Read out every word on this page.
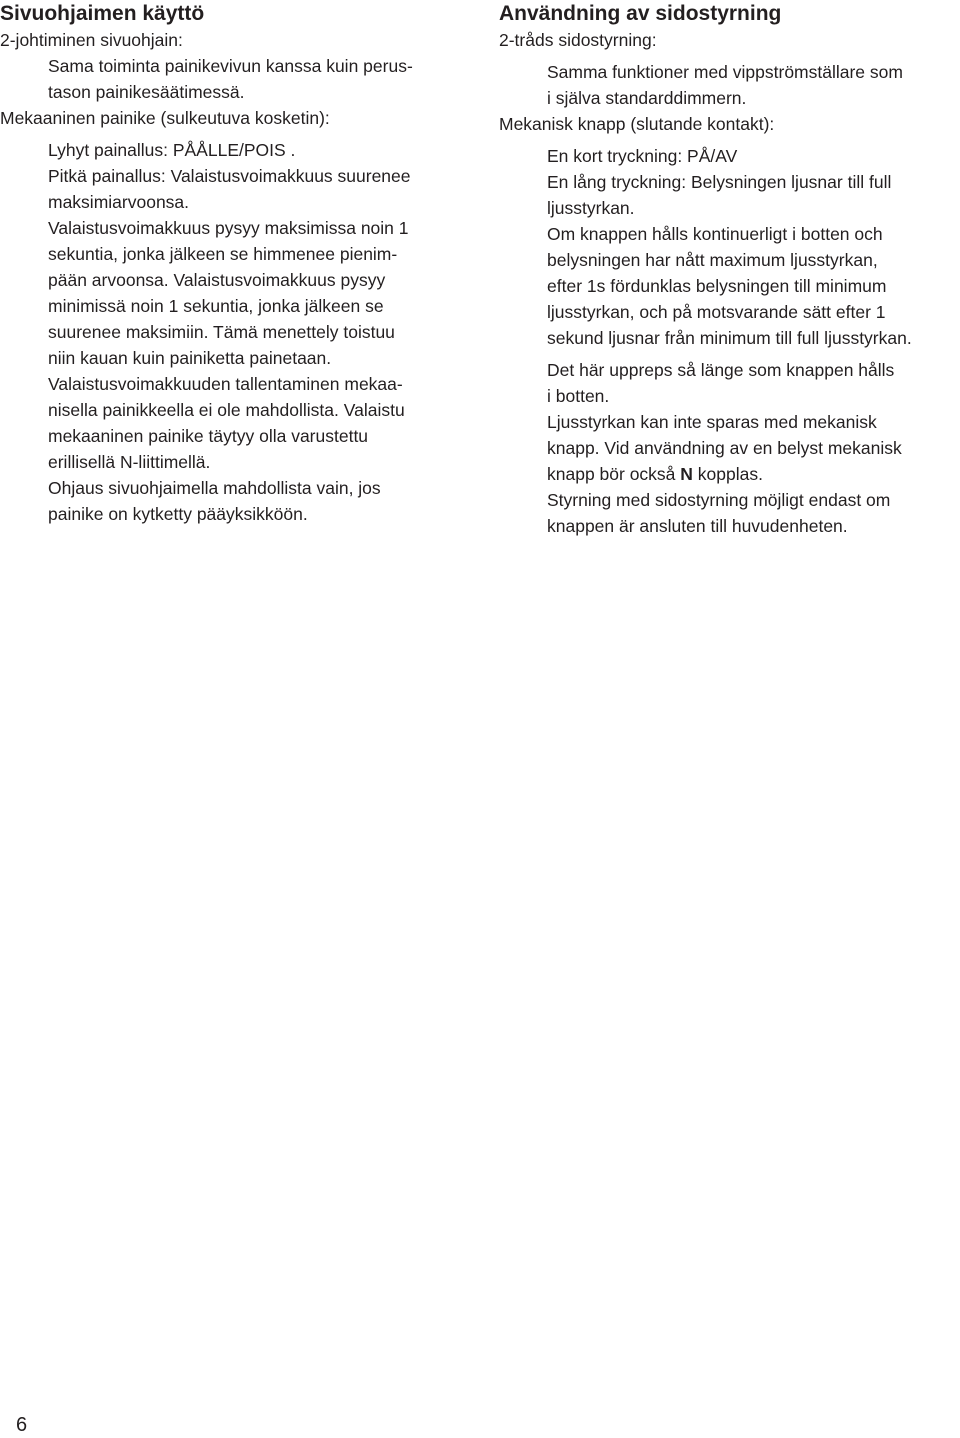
Sivuohjaimen käyttö

2-johtiminen sivuohjain:

Sama toiminta painikevivun kanssa kuin perus-

tason painikesäätimessä.

Mekaaninen painike (sulkeutuva kosketin):

Lyhyt painallus: PÅÅLLE/POIS .

Pitkä painallus: Valaistusvoimakkuus suurenee

maksimiarvoonsa.

Valaistusvoimakkuus pysyy maksimissa noin 1

sekuntia, jonka jälkeen se himmenee pienim-

pään arvoonsa. Valaistusvoimakkuus pysyy

minimissä noin 1 sekuntia, jonka jälkeen se

suurenee maksimiin. Tämä menettely toistuu

niin kauan kuin painiketta painetaan.

Valaistusvoimakkuuden tallentaminen mekaa-

nisella painikkeella ei ole mahdollista. Valaistu

mekaaninen painike täytyy olla varustettu

erillisellä N-liittimellä.

Ohjaus sivuohjaimella mahdollista vain, jos

painike on kytketty pääyksikköön.

Användning av sidostyrning

2-tråds sidostyrning:

Samma funktioner med vippströmställare som

i själva standarddimmern.

Mekanisk knapp (slutande kontakt):

En kort tryckning: PÅ/AV

En lång tryckning: Belysningen ljusnar till full

ljusstyrkan.

Om knappen hålls kontinuerligt i botten och

belysningen har nått maximum ljusstyrkan,

efter 1s fördunklas belysningen till minimum

ljusstyrkan, och på motsvarande sätt efter 1

sekund ljusnar från minimum till full ljusstyrkan.

Det här uppreps så länge som knappen hålls

i botten.

Ljusstyrkan kan inte sparas med mekanisk

knapp. Vid användning av en belyst mekanisk

knapp bör också N kopplas.

Styrning med sidostyrning möjligt endast om

knappen är ansluten till huvudenheten.

6
